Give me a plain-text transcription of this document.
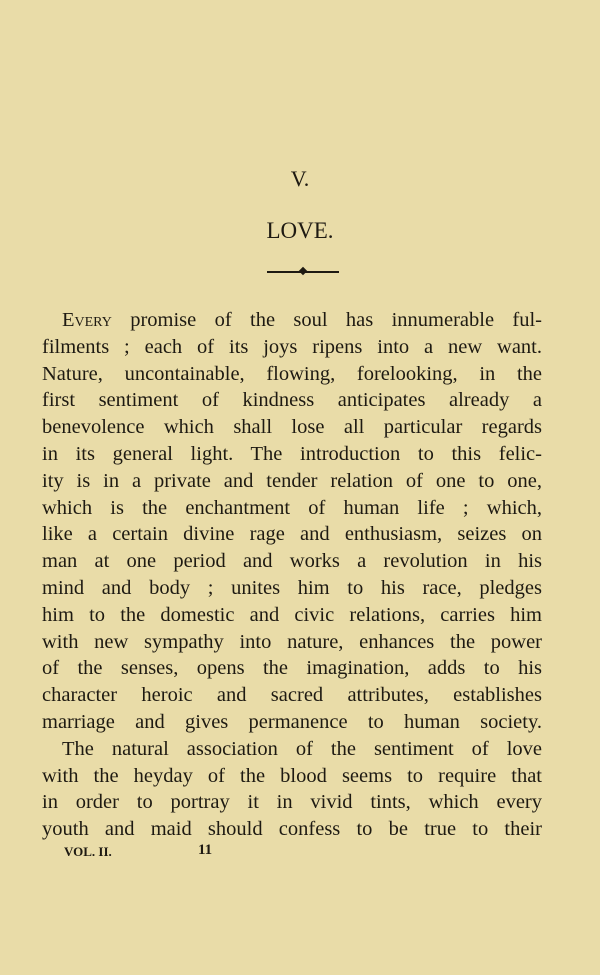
V.
LOVE.
Every promise of the soul has innumerable ful-
filments ; each of its joys ripens into a new want.
Nature, uncontainable, flowing, forelooking, in the
first sentiment of kindness anticipates already a
benevolence which shall lose all particular regards
in its general light. The introduction to this felic-
ity is in a private and tender relation of one to one,
which is the enchantment of human life ; which,
like a certain divine rage and enthusiasm, seizes on
man at one period and works a revolution in his
mind and body ; unites him to his race, pledges
him to the domestic and civic relations, carries him
with new sympathy into nature, enhances the power
of the senses, opens the imagination, adds to his
character heroic and sacred attributes, establishes
marriage and gives permanence to human society.
The natural association of the sentiment of love
with the heyday of the blood seems to require that
in order to portray it in vivid tints, which every
youth and maid should confess to be true to their
VOL. II.	11
